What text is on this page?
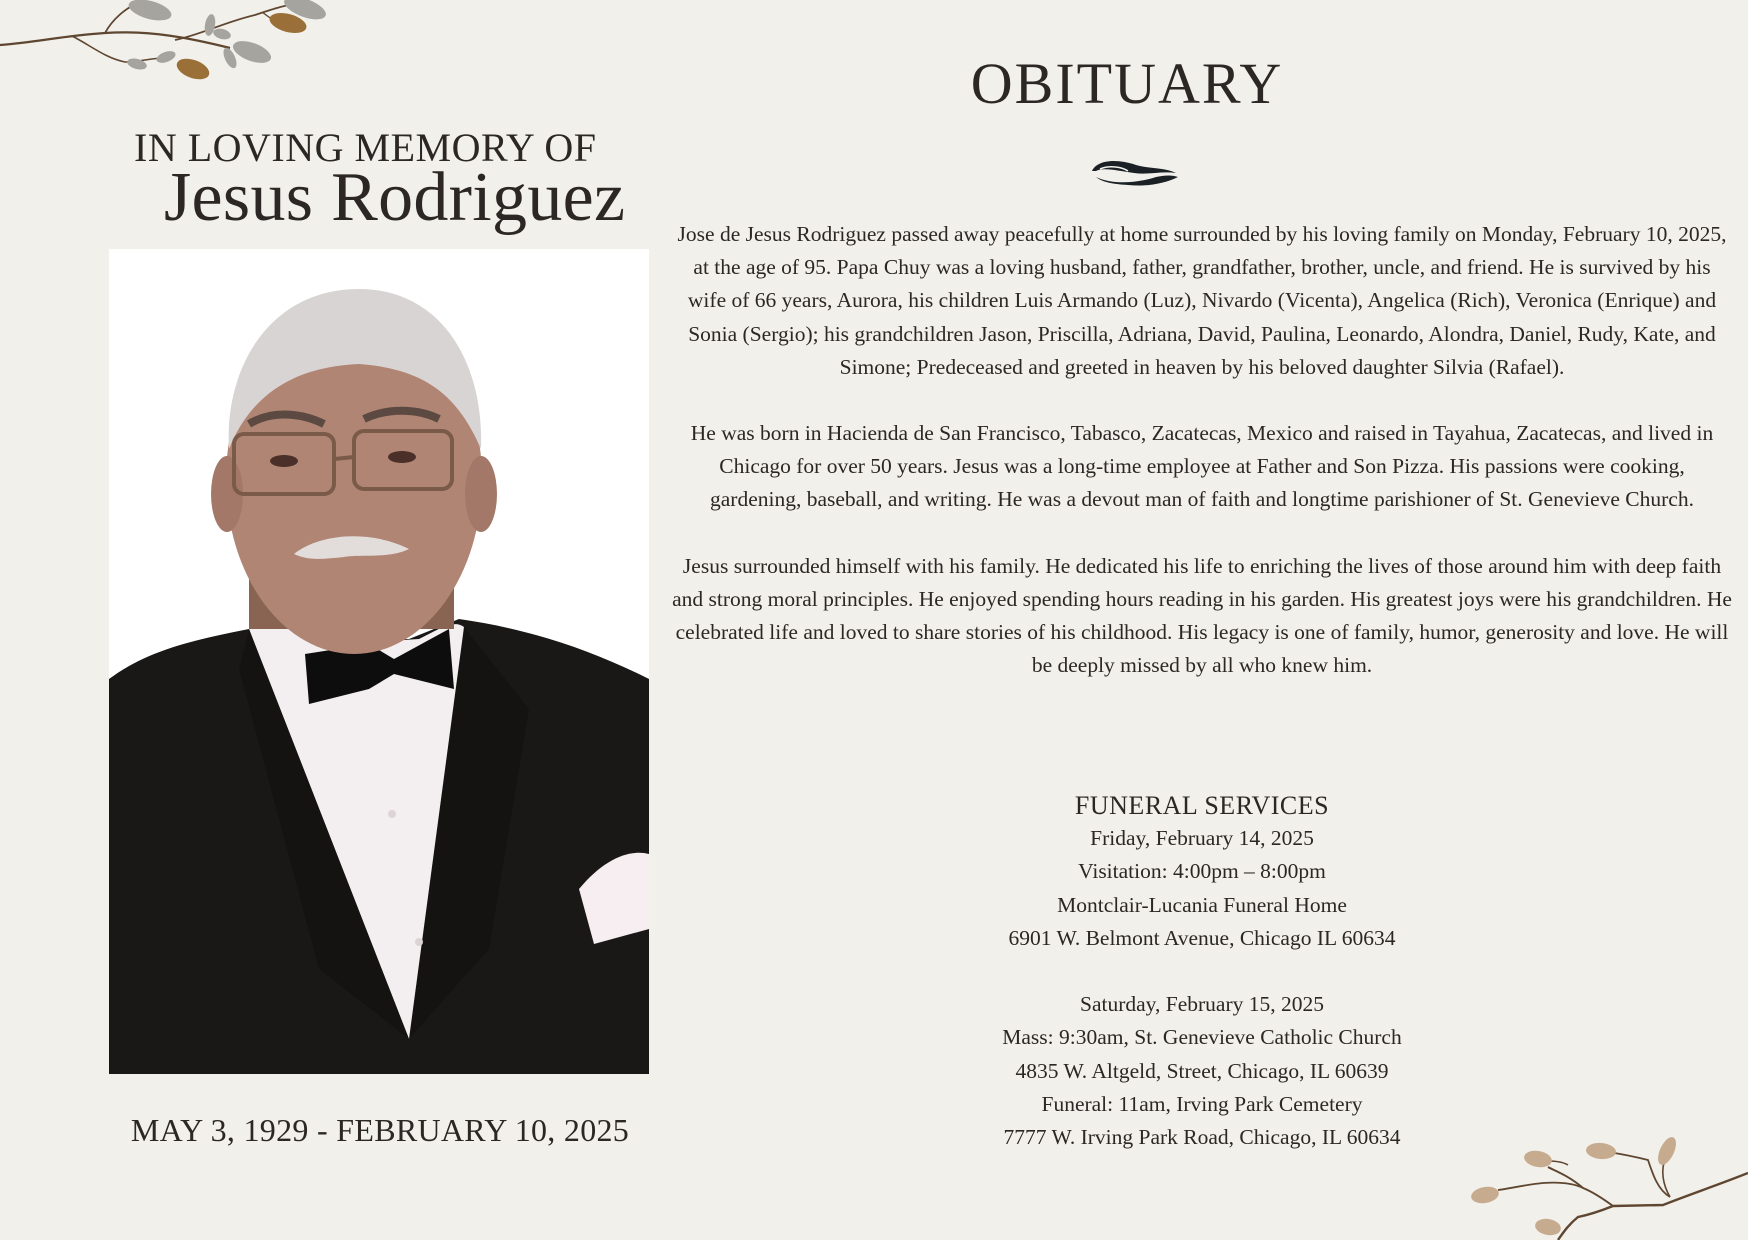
IN LOVING MEMORY OF
Jesus Rodriguez
MAY 3, 1929 - FEBRUARY 10, 2025
OBITUARY

Jose de Jesus Rodriguez passed away peacefully at home surrounded by his loving family on Monday, February 10, 2025, at the age of 95. Papa Chuy was a loving husband, father, grandfather, brother, uncle, and friend. He is survived by his wife of 66 years, Aurora, his children Luis Armando (Luz), Nivardo (Vicenta), Angelica (Rich), Veronica (Enrique) and Sonia (Sergio); his grandchildren Jason, Priscilla, Adriana, David, Paulina, Leonardo, Alondra, Daniel, Rudy, Kate, and Simone; Predeceased and greeted in heaven by his beloved daughter Silvia (Rafael).

He was born in Hacienda de San Francisco, Tabasco, Zacatecas, Mexico and raised in Tayahua, Zacatecas, and lived in Chicago for over 50 years. Jesus was a long-time employee at Father and Son Pizza. His passions were cooking, gardening, baseball, and writing. He was a devout man of faith and longtime parishioner of St. Genevieve Church.

Jesus surrounded himself with his family. He dedicated his life to enriching the lives of those around him with deep faith and strong moral principles. He enjoyed spending hours reading in his garden. His greatest joys were his grandchildren. He celebrated life and loved to share stories of his childhood. His legacy is one of family, humor, generosity and love. He will be deeply missed by all who knew him.

FUNERAL SERVICES
Friday, February 14, 2025
Visitation: 4:00pm – 8:00pm
Montclair-Lucania Funeral Home
6901 W. Belmont Avenue, Chicago IL 60634
Saturday, February 15, 2025
Mass: 9:30am, St. Genevieve Catholic Church
4835 W. Altgeld, Street, Chicago, IL 60639
Funeral: 11am, Irving Park Cemetery
7777 W. Irving Park Road, Chicago, IL 60634
